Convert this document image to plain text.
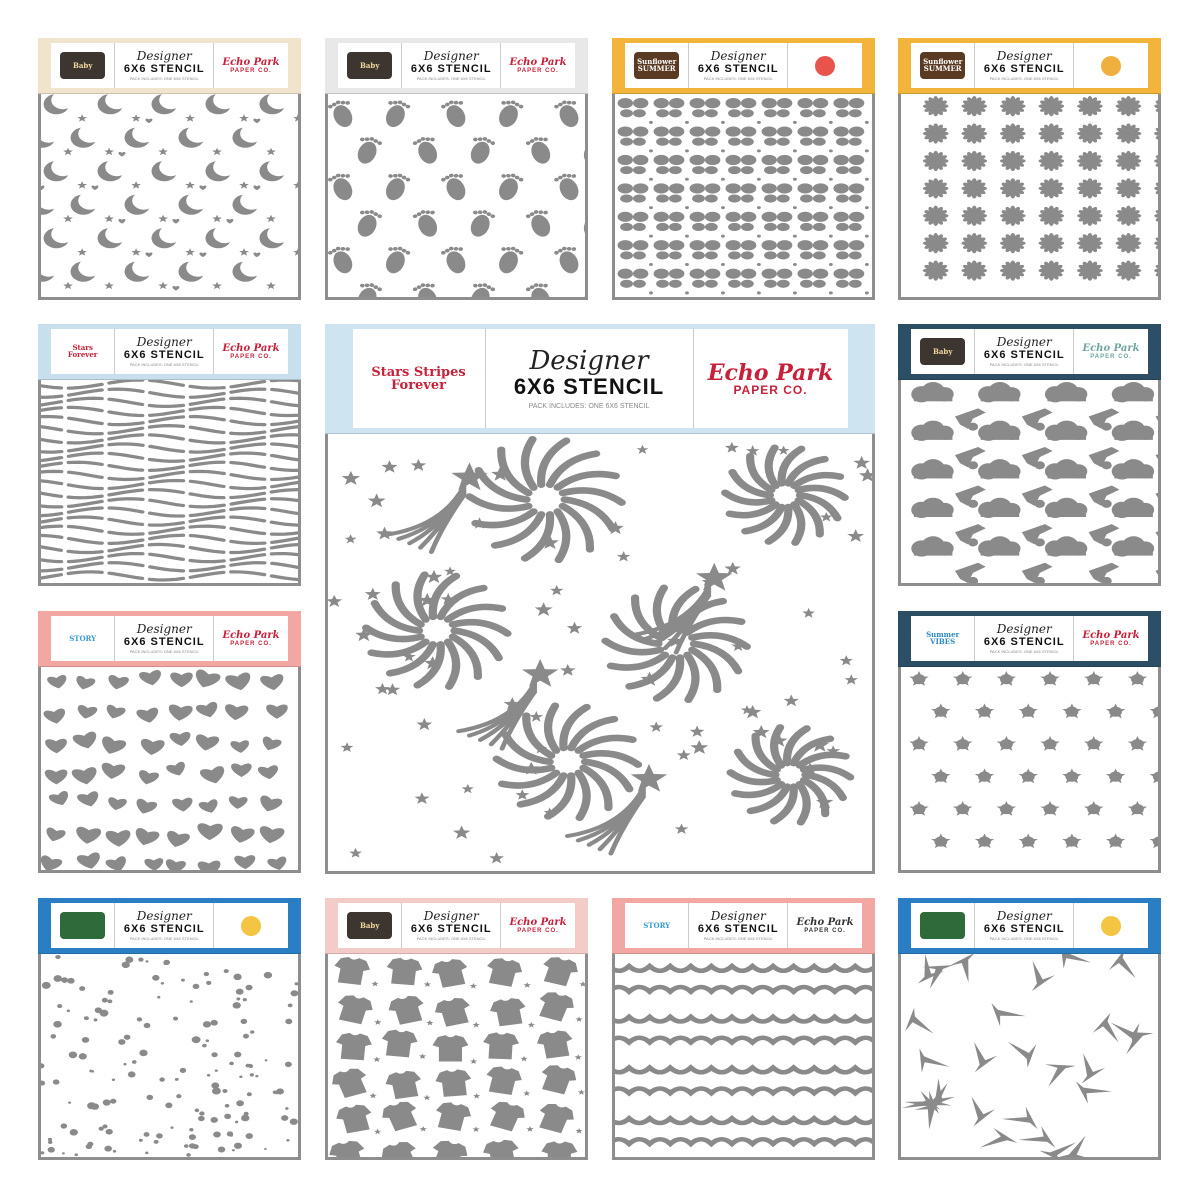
Baby
Designer
6X6 STENCIL
PACK INCLUDES: ONE 6X6 STENCIL
Echo Park
PAPER CO.
Baby
Designer
6X6 STENCIL
PACK INCLUDES: ONE 6X6 STENCIL
Echo Park
PAPER CO.
Sunflower SUMMER
Designer
6X6 STENCIL
PACK INCLUDES: ONE 6X6 STENCIL
Sunflower SUMMER
Designer
6X6 STENCIL
PACK INCLUDES: ONE 6X6 STENCIL
Stars Forever
Designer
6X6 STENCIL
PACK INCLUDES: ONE 6X6 STENCIL
Echo Park
PAPER CO.
Stars Stripes Forever
Designer
6X6 STENCIL
PACK INCLUDES: ONE 6X6 STENCIL
Echo Park
PAPER CO.
Baby
Designer
6X6 STENCIL
PACK INCLUDES: ONE 6X6 STENCIL
Echo Park
PAPER CO.
STORY
Designer
6X6 STENCIL
PACK INCLUDES: ONE 6X6 STENCIL
Echo Park
PAPER CO.
Summer VIBES
Designer
6X6 STENCIL
PACK INCLUDES: ONE 6X6 STENCIL
Echo Park
PAPER CO.
Designer
6X6 STENCIL
PACK INCLUDES: ONE 6X6 STENCIL
Baby
Designer
6X6 STENCIL
PACK INCLUDES: ONE 6X6 STENCIL
Echo Park
PAPER CO.
STORY
Designer
6X6 STENCIL
PACK INCLUDES: ONE 6X6 STENCIL
Echo Park
PAPER CO.
Designer
6X6 STENCIL
PACK INCLUDES: ONE 6X6 STENCIL
